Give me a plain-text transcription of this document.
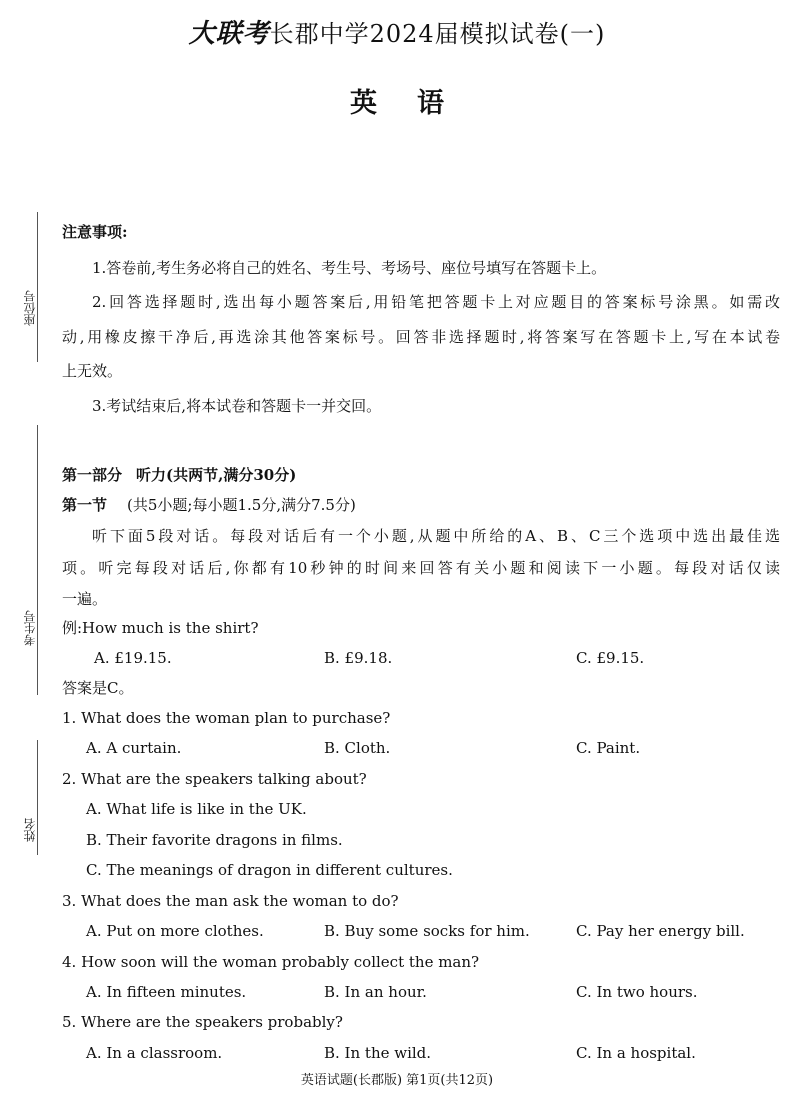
大联考长郡中学2024届模拟试卷(一)
英语
座位号
考生号
姓名
注意事项:
1.答卷前,考生务必将自己的姓名、考生号、考场号、座位号填写在答题卡上。
2.回答选择题时,选出每小题答案后,用铅笔把答题卡上对应题目的答案标号涂黑。如需改
动,用橡皮擦干净后,再选涂其他答案标号。回答非选择题时,将答案写在答题卡上,写在本试卷
上无效。
3.考试结束后,将本试卷和答题卡一并交回。
第一部分 听力(共两节,满分30分)
第一节 (共5小题;每小题1.5分,满分7.5分)
听下面5段对话。每段对话后有一个小题,从题中所给的A、B、C三个选项中选出最佳选
项。听完每段对话后,你都有10秒钟的时间来回答有关小题和阅读下一小题。每段对话仅读
一遍。
例:How much is the shirt?
A. £19.15.	B. £9.18.	C. £9.15.
答案是C。
1. What does the woman plan to purchase?
A. A curtain.	B. Cloth.	C. Paint.
2. What are the speakers talking about?
A. What life is like in the UK.
B. Their favorite dragons in films.
C. The meanings of dragon in different cultures.
3. What does the man ask the woman to do?
A. Put on more clothes.	B. Buy some socks for him.	C. Pay her energy bill.
4. How soon will the woman probably collect the man?
A. In fifteen minutes.	B. In an hour.	C. In two hours.
5. Where are the speakers probably?
A. In a classroom.	B. In the wild.	C. In a hospital.
英语试题(长郡版) 第1页(共12页)
